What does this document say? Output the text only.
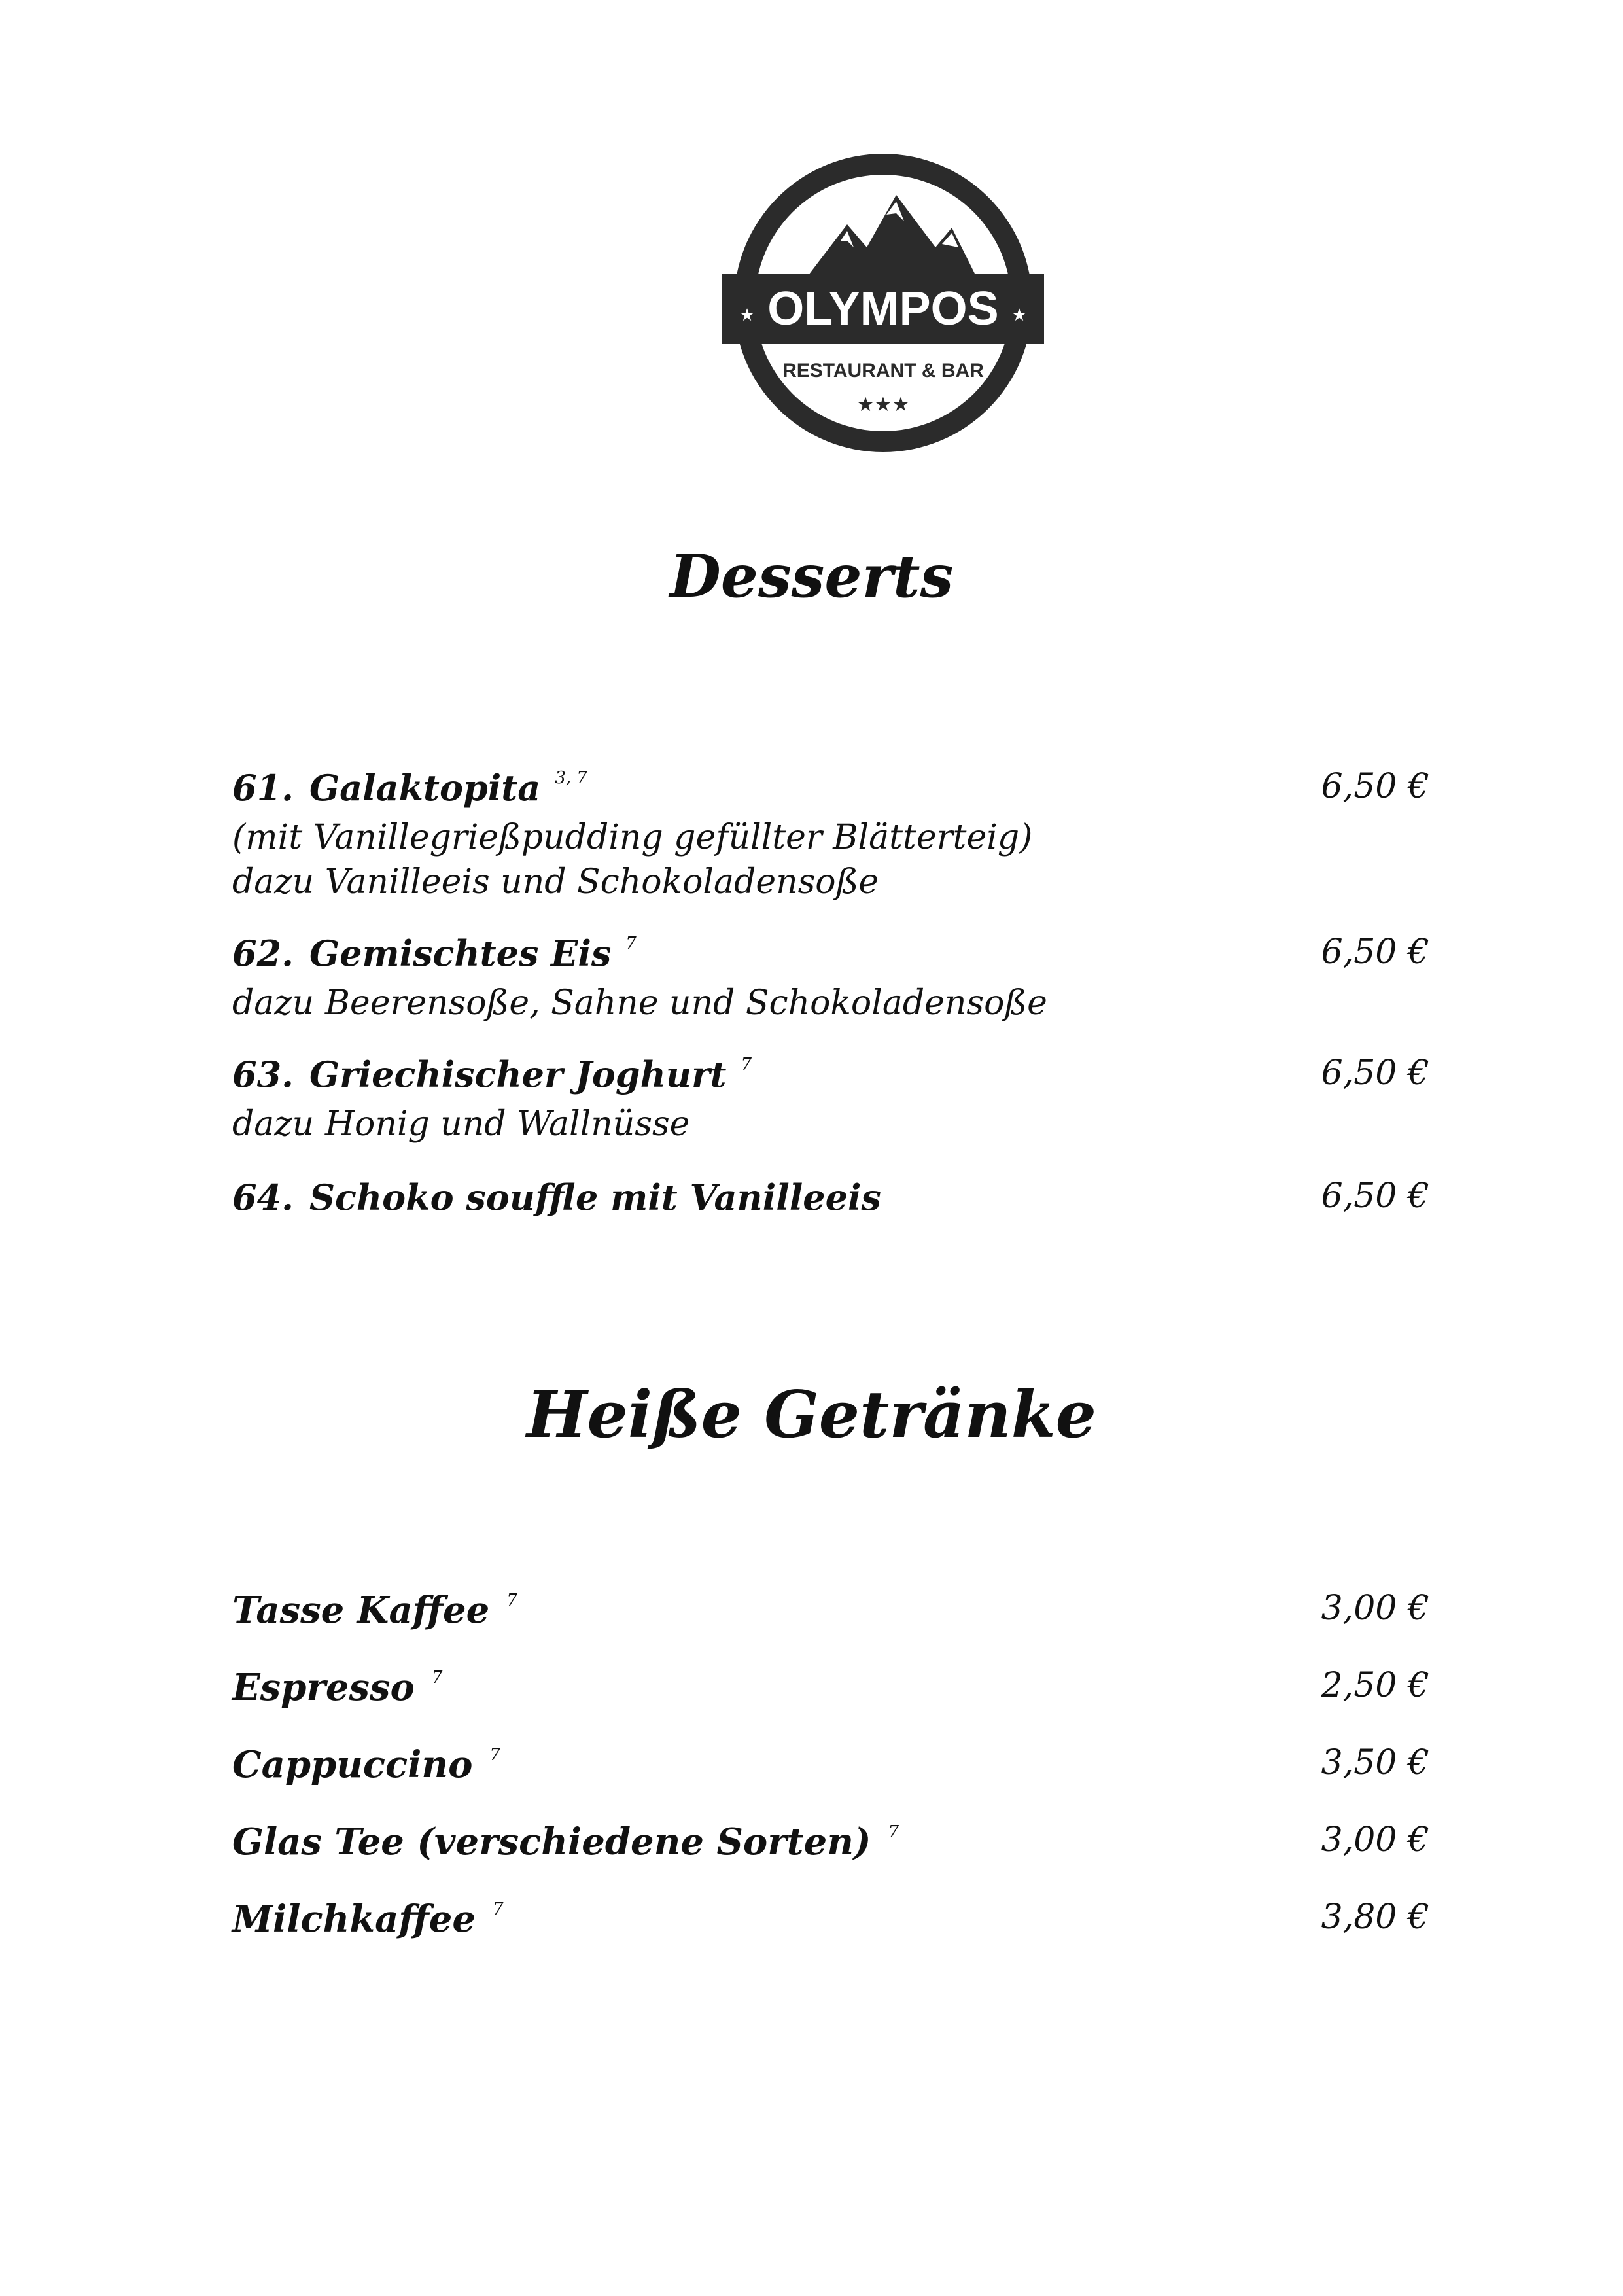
OLYMPOS
★	★
RESTAURANT & BAR
★★★
Desserts
61. Galaktopita $^{3, 7}$	6,50 €
(mit Vanillegrießpudding gefüllter Blätterteig)
dazu Vanilleeis und Schokoladensoße
62. Gemischtes Eis $^7$	6,50 €
dazu Beerensoße, Sahne und Schokoladensoße
63. Griechischer Joghurt $^7$	6,50 €
dazu Honig und Wallnüsse
64. Schoko souffle mit Vanilleeis	6,50 €
Heiße Getränke
Tasse Kaffee $^7$	3,00 €
Espresso $^7$	2,50 €
Cappuccino $^7$	3,50 €
Glas Tee (verschiedene Sorten) $^7$	3,00 €
Milchkaffee $^7$	3,80 €
